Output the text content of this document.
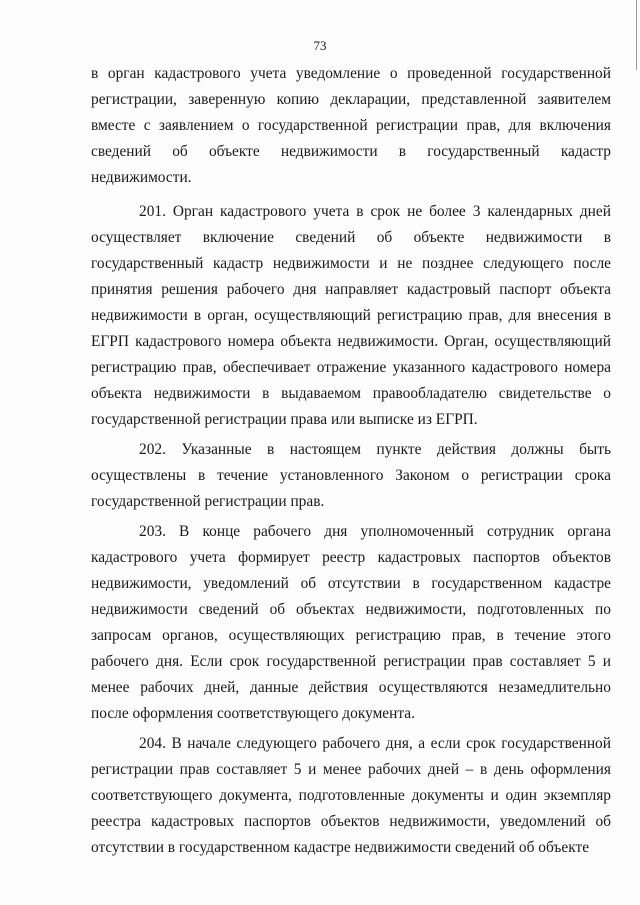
73

в орган кадастрового учета уведомление о проведенной государственной регистрации, заверенную копию декларации, представленной заявителем вместе с заявлением о государственной регистрации прав, для включения сведений об объекте недвижимости в государственный кадастр недвижимости.

201. Орган кадастрового учета в срок не более 3 календарных дней осуществляет включение сведений об объекте недвижимости в государственный кадастр недвижимости и не позднее следующего после принятия решения рабочего дня направляет кадастровый паспорт объекта недвижимости в орган, осуществляющий регистрацию прав, для внесения в ЕГРП кадастрового номера объекта недвижимости. Орган, осуществляющий регистрацию прав, обеспечивает отражение указанного кадастрового номера объекта недвижимости в выдаваемом правообладателю свидетельстве о государственной регистрации права или выписке из ЕГРП.

202. Указанные в настоящем пункте действия должны быть осуществлены в течение установленного Законом о регистрации срока государственной регистрации прав.

203. В конце рабочего дня уполномоченный сотрудник органа кадастрового учета формирует реестр кадастровых паспортов объектов недвижимости, уведомлений об отсутствии в государственном кадастре недвижимости сведений об объектах недвижимости, подготовленных по запросам органов, осуществляющих регистрацию прав, в течение этого рабочего дня. Если срок государственной регистрации прав составляет 5 и менее рабочих дней, данные действия осуществляются незамедлительно после оформления соответствующего документа.

204. В начале следующего рабочего дня, а если срок государственной регистрации прав составляет 5 и менее рабочих дней – в день оформления соответствующего документа, подготовленные документы и один экземпляр реестра кадастровых паспортов объектов недвижимости, уведомлений об отсутствии в государственном кадастре недвижимости сведений об объекте
